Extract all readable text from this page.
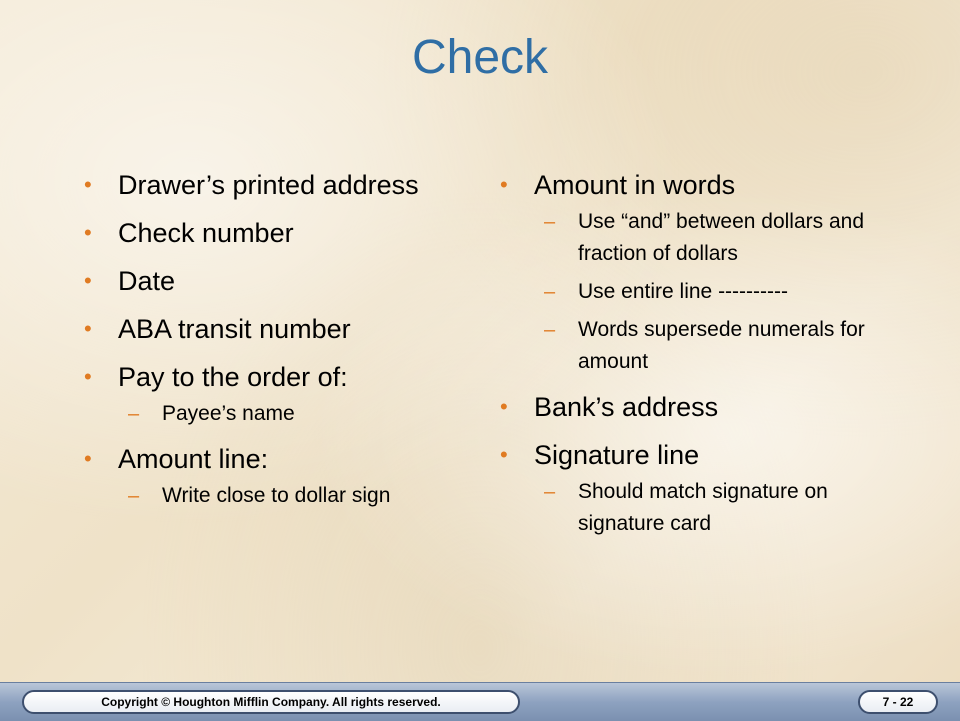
Check
• Drawer’s printed address
• Check number
• Date
• ABA transit number
• Pay to the order of:
–	Payee’s name
• Amount line:
–	Write close to dollar sign
• Amount in words
–	Use “and” between dollars and fraction of dollars
–	Use entire line ----------
–	Words supersede numerals for amount
• Bank’s address
• Signature line
–	Should match signature on signature card
Copyright © Houghton Mifflin Company. All rights reserved.	7 - 22
